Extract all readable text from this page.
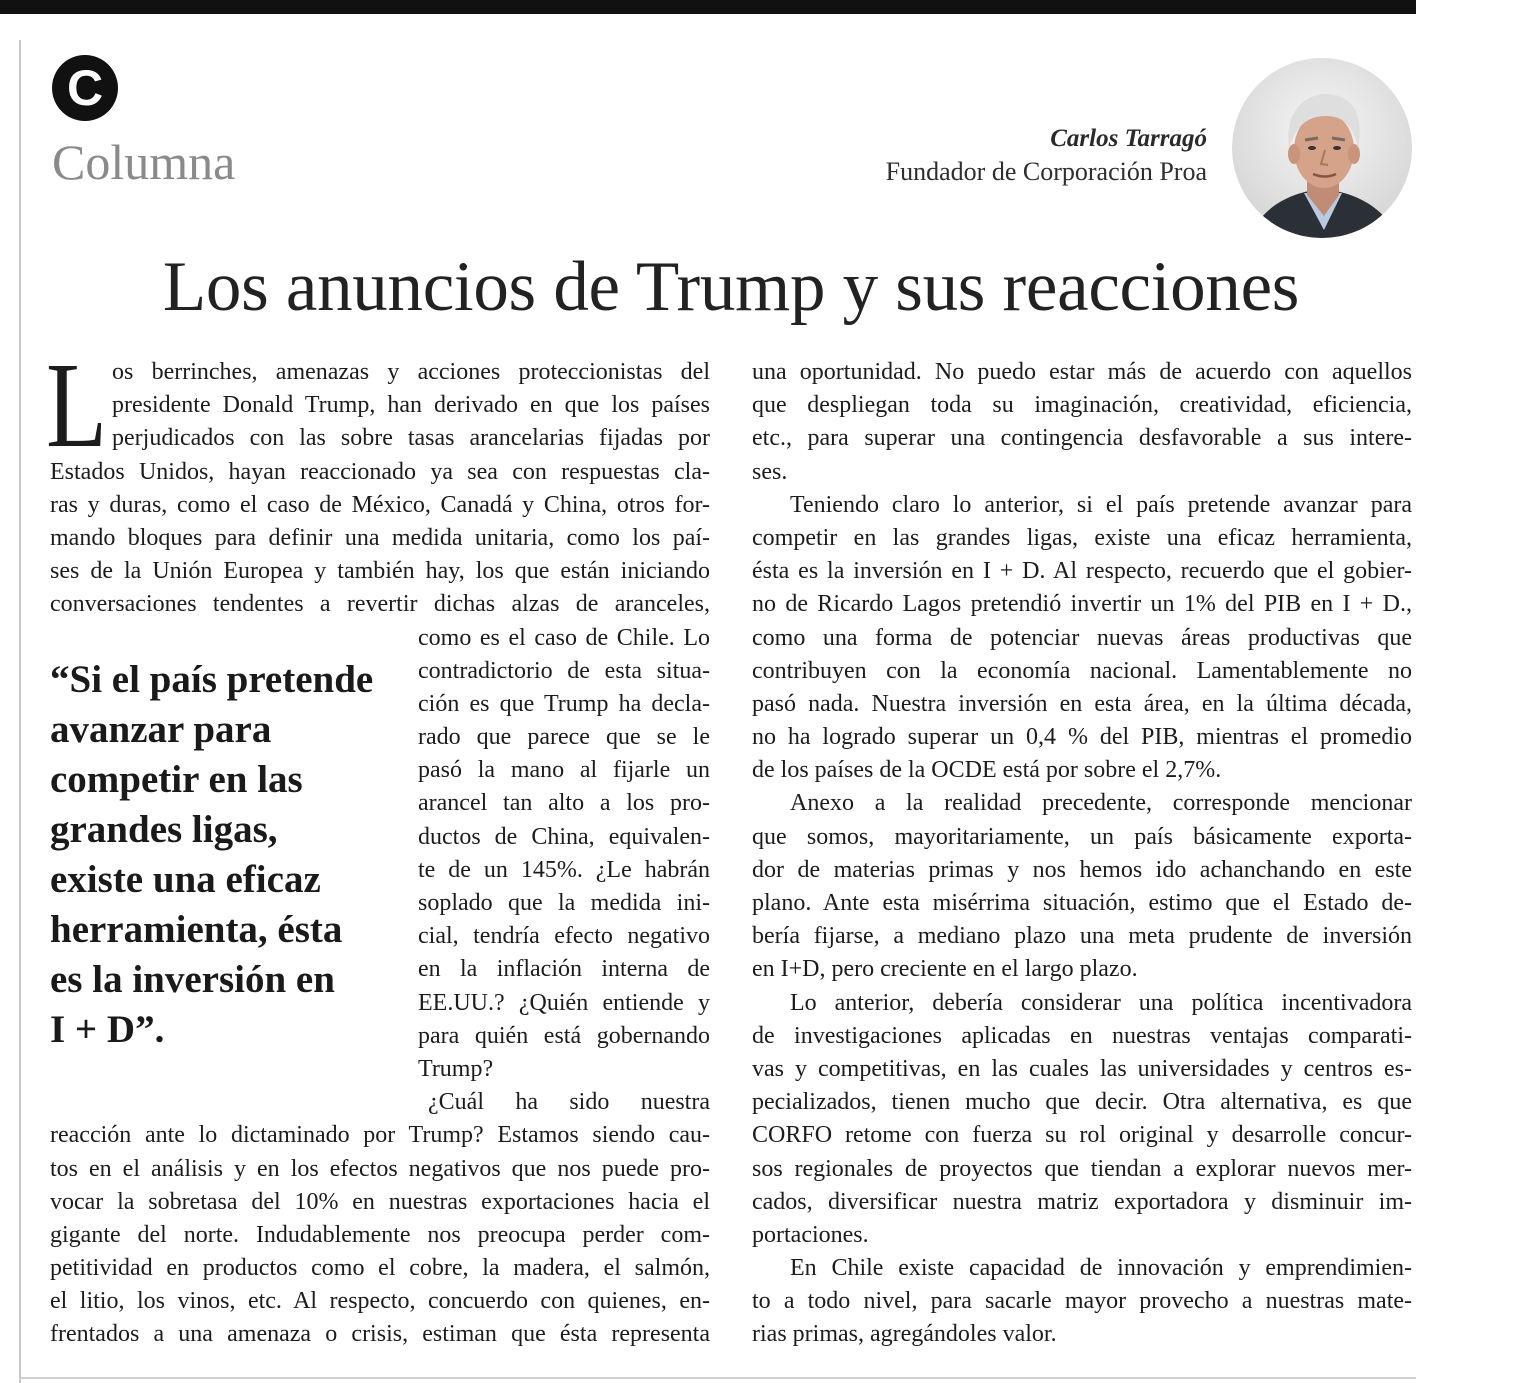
C
Columna	Carlos Tarragó
Fundador de Corporación Proa
Los anuncios de Trump y sus reacciones
L os berrinches, amenazas y acciones proteccionistas del
presidente Donald Trump, han derivado en que los países
perjudicados con las sobre tasas arancelarias fijadas por
Estados Unidos, hayan reaccionado ya sea con respuestas cla-
ras y duras, como el caso de México, Canadá y China, otros for-
mando bloques para definir una medida unitaria, como los paí-
ses de la Unión Europea y también hay, los que están iniciando
conversaciones tendentes a revertir dichas alzas de aranceles,
como es el caso de Chile. Lo
contradictorio de esta situa-
ción es que Trump ha decla-
rado que parece que se le
pasó la mano al fijarle un
arancel tan alto a los pro-
ductos de China, equivalen-
te de un 145%. ¿Le habrán
soplado que la medida ini-
cial, tendría efecto negativo
en la inflación interna de
EE.UU.? ¿Quién entiende y
para quién está gobernando
Trump?
¿Cuál ha sido nuestra
reacción ante lo dictaminado por Trump? Estamos siendo cau-
tos en el análisis y en los efectos negativos que nos puede pro-
vocar la sobretasa del 10% en nuestras exportaciones hacia el
gigante del norte. Indudablemente nos preocupa perder com-
petitividad en productos como el cobre, la madera, el salmón,
el litio, los vinos, etc. Al respecto, concuerdo con quienes, en-
frentados a una amenaza o crisis, estiman que ésta representa
“Si el país pretende
avanzar para
competir en las
grandes ligas,
existe una eficaz
herramienta, ésta
es la inversión en
I + D”.
una oportunidad. No puedo estar más de acuerdo con aquellos
que despliegan toda su imaginación, creatividad, eficiencia,
etc., para superar una contingencia desfavorable a sus intere-
ses.
Teniendo claro lo anterior, si el país pretende avanzar para
competir en las grandes ligas, existe una eficaz herramienta,
ésta es la inversión en I + D. Al respecto, recuerdo que el gobier-
no de Ricardo Lagos pretendió invertir un 1% del PIB en I + D.,
como una forma de potenciar nuevas áreas productivas que
contribuyen con la economía nacional. Lamentablemente no
pasó nada. Nuestra inversión en esta área, en la última década,
no ha logrado superar un 0,4 % del PIB, mientras el promedio
de los países de la OCDE está por sobre el 2,7%.
Anexo a la realidad precedente, corresponde mencionar
que somos, mayoritariamente, un país básicamente exporta-
dor de materias primas y nos hemos ido achanchando en este
plano. Ante esta misérrima situación, estimo que el Estado de-
bería fijarse, a mediano plazo una meta prudente de inversión
en I+D, pero creciente en el largo plazo.
Lo anterior, debería considerar una política incentivadora
de investigaciones aplicadas en nuestras ventajas comparati-
vas y competitivas, en las cuales las universidades y centros es-
pecializados, tienen mucho que decir. Otra alternativa, es que
CORFO retome con fuerza su rol original y desarrolle concur-
sos regionales de proyectos que tiendan a explorar nuevos mer-
cados, diversificar nuestra matriz exportadora y disminuir im-
portaciones.
En Chile existe capacidad de innovación y emprendimien-
to a todo nivel, para sacarle mayor provecho a nuestras mate-
rias primas, agregándoles valor.
